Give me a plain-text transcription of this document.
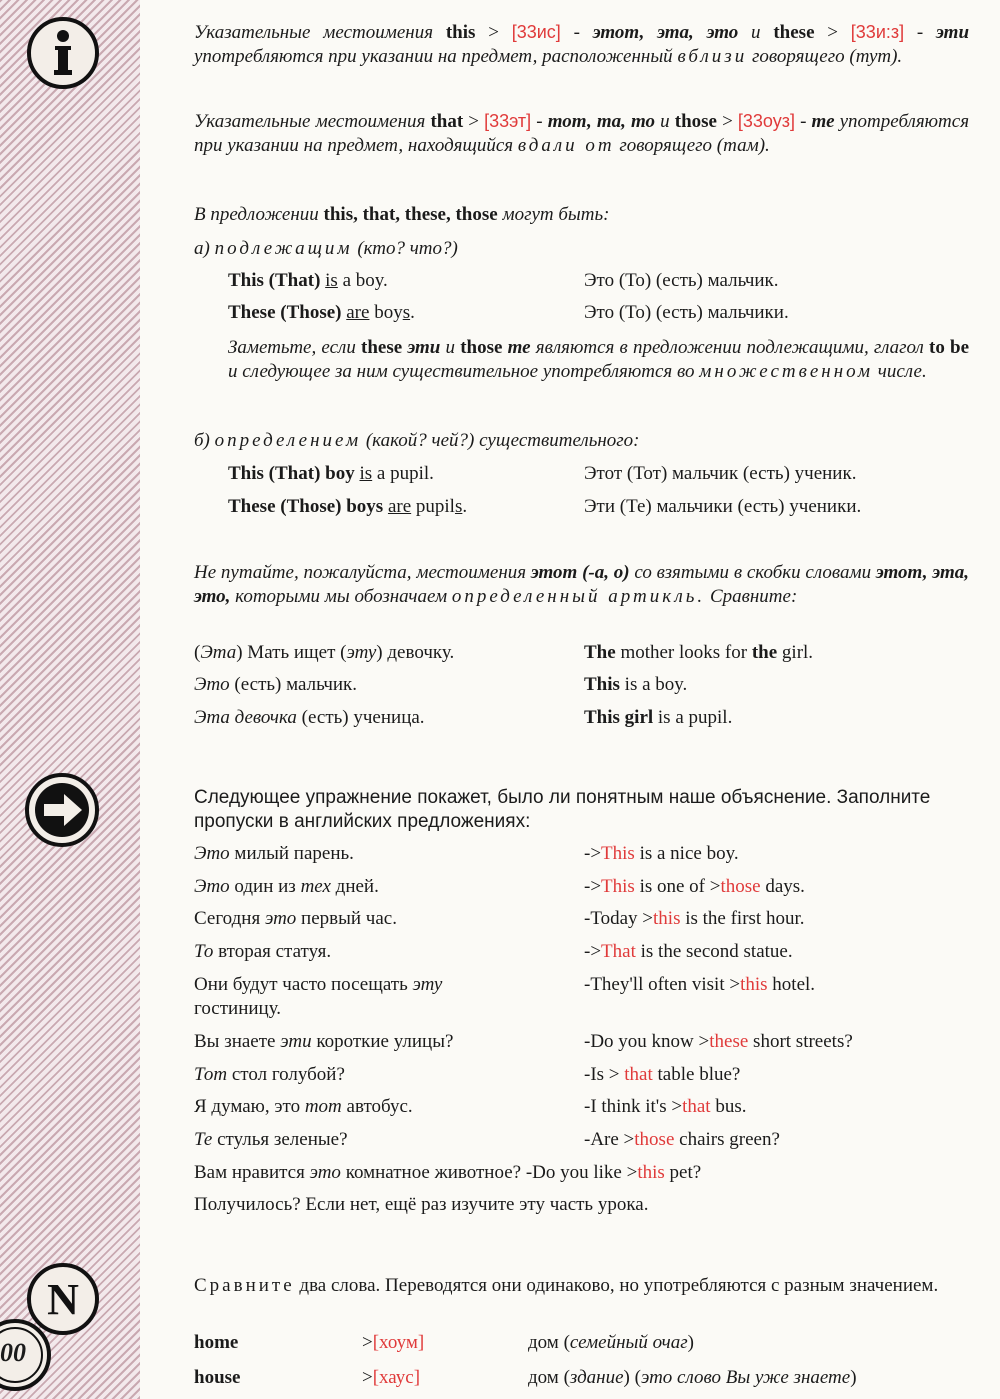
N
00

Указательные местоимения this > [33ис] - этот, эта, это и these > [33и:з] - эти употребляются при указании на предмет, расположенный вблизи говорящего (тут).

Указательные местоимения that > [33эт] - тот, та, то и those > [33оуз] - те употребляются при указании на предмет, находящийся вдали от говорящего (там).

В предложении this, that, these, those могут быть:

а) подлежащим (кто? что?)

This (That) is a boy.	Это (То) (есть) мальчик.
These (Those) are boys.	Это (То) (есть) мальчики.

Заметьте, если these эти и those те являются в предложении подлежащими, глагол to be и следующее за ним существительное употребляются во множественном числе.

б) определением (какой? чей?) существительного:

This (That) boy is a pupil.	Этот (Тот) мальчик (есть) ученик.
These (Those) boys are pupils.	Эти (Те) мальчики (есть) ученики.

Не путайте, пожалуйста, местоимения этот (-а, о) со взятыми в скобки словами этот, эта, это, которыми мы обозначаем определенный артикль. Сравните:

(Эта) Мать ищет (эту) девочку.	The mother looks for the girl.
Это (есть) мальчик.	This is a boy.
Эта девочка (есть) ученица.	This girl is a pupil.

Следующее упражнение покажет, было ли понятным наше объяснение. Заполните пропуски в английских предложениях:

Это милый парень.	->This is a nice boy.
Это один из тех дней.	->This is one of >those days.
Сегодня это первый час.	-Today >this is the first hour.
То вторая статуя.	->That is the second statue.
Они будут часто посещать эту	-They'll often visit >this hotel.
гостиницу.
Вы знаете эти короткие улицы?	-Do you know >these short streets?
Тот стол голубой?	-Is > that table blue?
Я думаю, это тот автобус.	-I think it's >that bus.
Те стулья зеленые?	-Are >those chairs green?
Вам нравится это комнатное животное? -Do you like >this pet?
Получилось? Если нет, ещё раз изучите эту часть урока.

Сравните два слова. Переводятся они одинаково, но употребляются с разным значением.

home	>[хоум]	дом (семейный очаг)
house	>[хаус]	дом (здание) (это слово Вы уже знаете)
